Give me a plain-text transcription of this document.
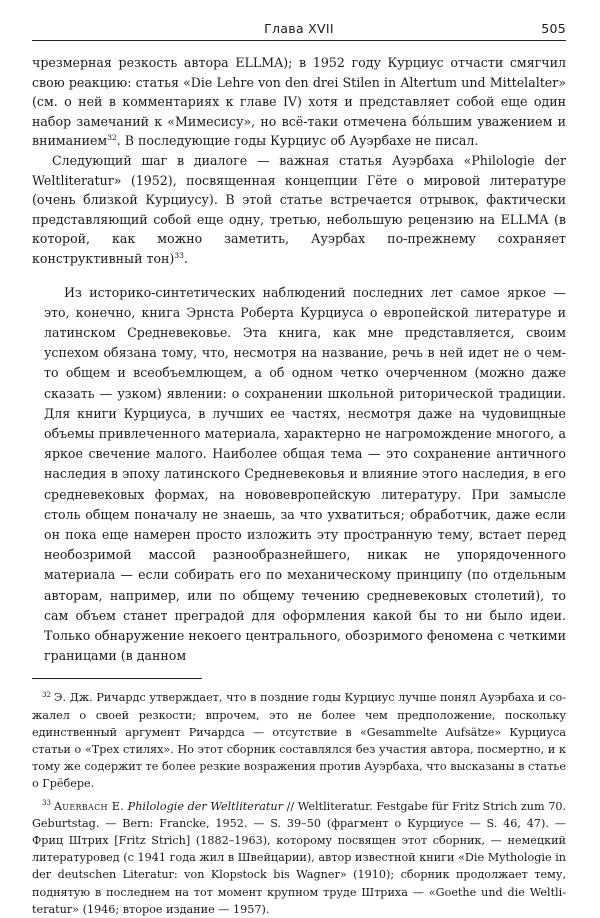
Глава XVII	505

чрезмерная резкость автора ELLMA); в 1952 году Курциус отчасти смягчил свою реакцию: статья «Die Lehre von den drei Stilen in Altertum und Mittelalter» (см. о ней в комментариях к главе IV) хотя и представляет собой еще один набор замечаний к «Мимесису», но всё-таки отмечена бóльшим уважением и вниманием$^{32}$. В последующие годы Курциус об Ауэрбахе не писал.

Следующий шаг в диалоге — важная статья Ауэрбаха «Philologie der Weltliteratur» (1952), посвященная концепции Гёте о мировой литературе (очень близкой Курциусу). В этой статье встречается отрывок, фактически представляющий собой еще одну, третью, небольшую рецензию на ELLMA (в которой, как можно заметить, Ауэрбах по-прежнему сохраняет конструктивный тон)$^{33}$.

Из историко-синтетических наблюдений последних лет самое яркое — это, конечно, книга Эрнста Роберта Курциуса о европейской литературе и латинском Средневековье. Эта книга, как мне представляется, своим успехом обязана тому, что, несмотря на название, речь в ней идет не о чем-то общем и всеобъемлющем, а об одном четко очерченном (можно даже сказать — узком) явлении: о сохранении школьной риторической традиции. Для книги Курциуса, в лучших ее частях, несмотря даже на чудовищные объемы привлеченного материала, характерно не нагромождение многого, а яркое свечение малого. Наиболее общая тема — это сохранение античного наследия в эпоху латинского Средневековья и влияние этого наследия, в его средневековых формах, на нововевропейскую литературу. При замысле столь общем поначалу не знаешь, за что ухватиться; обработчик, даже если он пока еще намерен просто изложить эту пространную тему, встает перед необозримой массой разнообразнейшего, никак не упорядоченного материала — если собирать его по механическому принципу (по отдельным авторам, например, или по общему течению средневековых столетий), то сам объем станет преградой для оформления какой бы то ни было идеи. Только обнаружение некоего центрального, обозримого феномена с четкими границами (в данном

$^{32}$ Э. Дж. Ричардс утверждает, что в поздние годы Курциус лучше понял Ауэрбаха и сожалел о своей резкости; впрочем, это не более чем предположение, поскольку единственный аргумент Ричардса — отсутствие в «Gesammelte Aufsätze» Курциуса статьи о «Трех стилях». Но этот сборник составлялся без участия автора, посмертно, и к тому же содержит те более резкие возражения против Ауэрбаха, что высказаны в статье о Грёбере.

$^{33}$ Auerbach E. Philologie der Weltliteratur // Weltliteratur. Festgabe für Fritz Strich zum 70. Geburtstag. — Bern: Francke, 1952. — S. 39–50 (фрагмент о Курциусе — S. 46, 47). — Фриц Штрих [Fritz Strich] (1882–1963), которому посвящен этот сборник, — немецкий литературовед (с 1941 года жил в Швейцарии), автор известной книги «Die Mythologie in der deutschen Literatur: von Klopstock bis Wagner» (1910); сборник продолжает тему, поднятую в последнем на тот момент крупном труде Штриха — «Goethe und die Weltliteratur» (1946; второе издание — 1957).
